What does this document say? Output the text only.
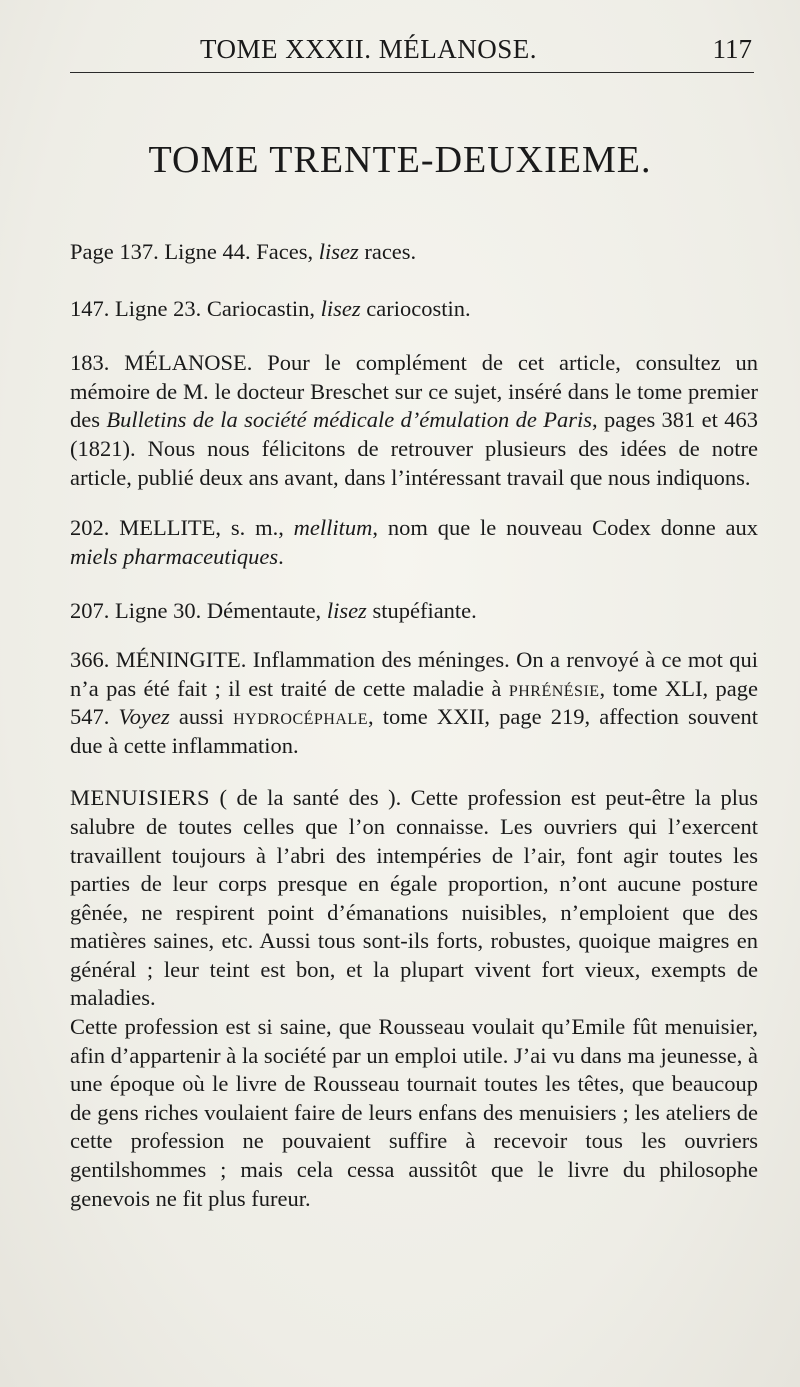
TOME XXXII. MÉLANOSE.	117
TOME TRENTE-DEUXIEME.

Page 137. Ligne 44. Faces, lisez races.

147. Ligne 23. Cariocastin, lisez cariocostin.

183. MÉLANOSE. Pour le complément de cet article, consultez un mémoire de M. le docteur Breschet sur ce sujet, inséré dans le tome premier des Bulletins de la société médicale d’émulation de Paris, pages 381 et 463 (1821). Nous nous félicitons de retrouver plusieurs des idées de notre article, publié deux ans avant, dans l’intéressant travail que nous indiquons.

202. MELLITE, s. m., mellitum, nom que le nouveau Codex donne aux miels pharmaceutiques.

207. Ligne 30. Démentaute, lisez stupéfiante.

366. MÉNINGITE. Inflammation des méninges. On a renvoyé à ce mot qui n’a pas été fait ; il est traité de cette maladie à phrénésie, tome XLI, page 547. Voyez aussi hydrocéphale, tome XXII, page 219, affection souvent due à cette inflammation.

MENUISIERS ( de la santé des ). Cette profession est peut-être la plus salubre de toutes celles que l’on connaisse. Les ouvriers qui l’exercent travaillent toujours à l’abri des intempéries de l’air, font agir toutes les parties de leur corps presque en égale proportion, n’ont aucune posture gênée, ne respirent point d’émanations nuisibles, n’emploient que des matières saines, etc. Aussi tous sont-ils forts, robustes, quoique maigres en général ; leur teint est bon, et la plupart vivent fort vieux, exempts de maladies.

Cette profession est si saine, que Rousseau voulait qu’Emile fût menuisier, afin d’appartenir à la société par un emploi utile. J’ai vu dans ma jeunesse, à une époque où le livre de Rousseau tournait toutes les têtes, que beaucoup de gens riches voulaient faire de leurs enfans des menuisiers ; les ateliers de cette profession ne pouvaient suffire à recevoir tous les ouvriers gentilshommes ; mais cela cessa aussitôt que le livre du philosophe genevois ne fit plus fureur.
